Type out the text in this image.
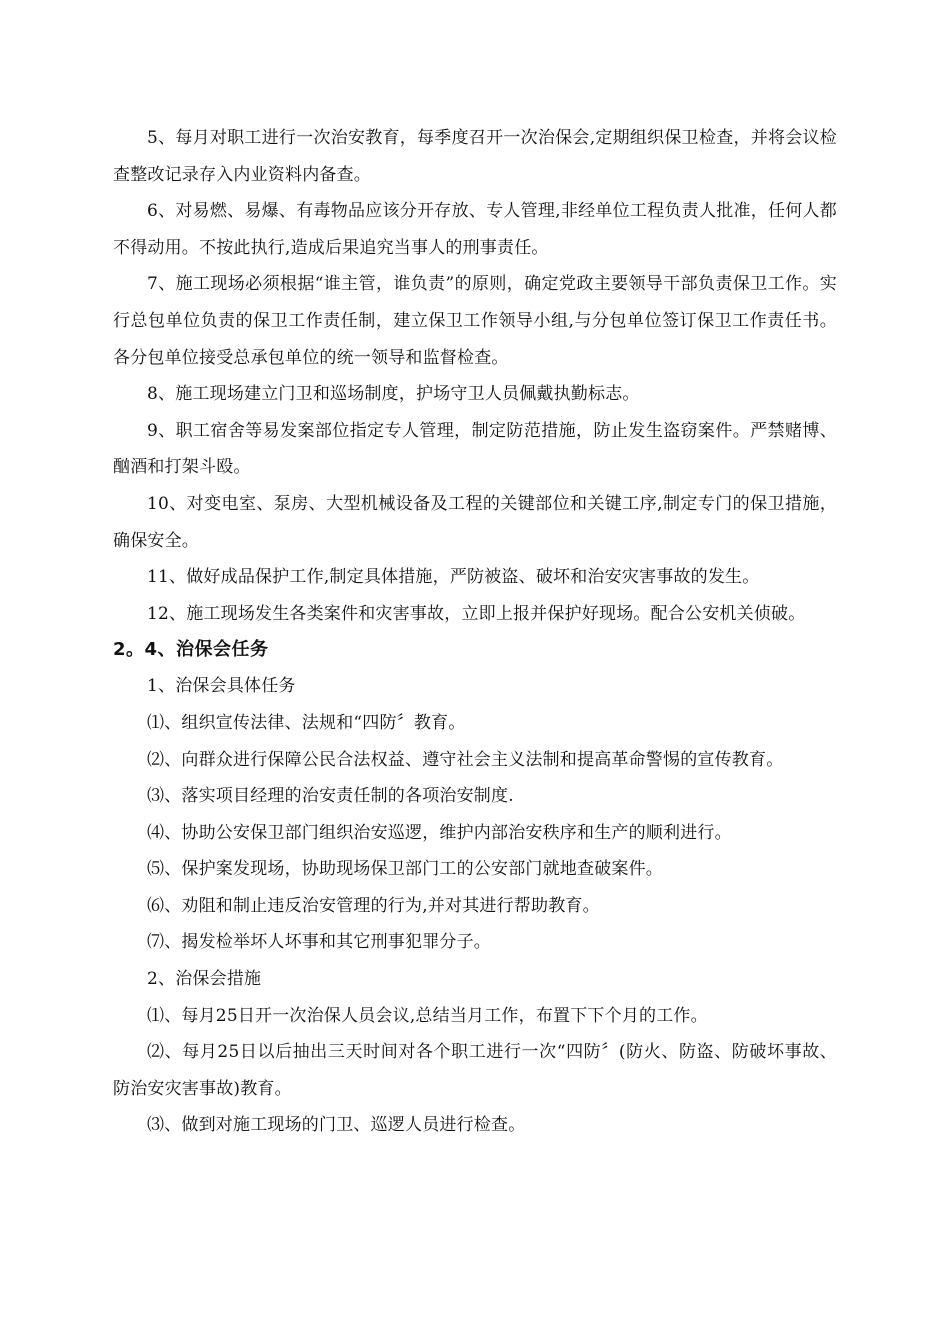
5、每月对职工进行一次治安教育，每季度召开一次治保会,定期组织保卫检查，并将会议检查整改记录存入内业资料内备查。

6、对易燃、易爆、有毒物品应该分开存放、专人管理,非经单位工程负责人批准，任何人都不得动用。不按此执行,造成后果追究当事人的刑事责任。

7、施工现场必须根据“谁主管，谁负责”的原则，确定党政主要领导干部负责保卫工作。实行总包单位负责的保卫工作责任制，建立保卫工作领导小组,与分包单位签订保卫工作责任书。各分包单位接受总承包单位的统一领导和监督检查。

8、施工现场建立门卫和巡场制度，护场守卫人员佩戴执勤标志。

9、职工宿舍等易发案部位指定专人管理，制定防范措施，防止发生盗窃案件。严禁赌博、酗酒和打架斗殴。

10、对变电室、泵房、大型机械设备及工程的关键部位和关键工序,制定专门的保卫措施，确保安全。

11、做好成品保护工作,制定具体措施，严防被盗、破坏和治安灾害事故的发生。

12、施工现场发生各类案件和灾害事故，立即上报并保护好现场。配合公安机关侦破。

2。4、治保会任务

1、治保会具体任务

⑴、组织宣传法律、法规和“四防〞教育。

⑵、向群众进行保障公民合法权益、遵守社会主义法制和提高革命警惕的宣传教育。

⑶、落实项目经理的治安责任制的各项治安制度.

⑷、协助公安保卫部门组织治安巡逻，维护内部治安秩序和生产的顺利进行。

⑸、保护案发现场，协助现场保卫部门工的公安部门就地查破案件。

⑹、劝阻和制止违反治安管理的行为,并对其进行帮助教育。

⑺、揭发检举坏人坏事和其它刑事犯罪分子。

2、治保会措施

⑴、每月25日开一次治保人员会议,总结当月工作，布置下下个月的工作。

⑵、每月25日以后抽出三天时间对各个职工进行一次“四防〞(防火、防盗、防破坏事故、防治安灾害事故)教育。

⑶、做到对施工现场的门卫、巡逻人员进行检查。
